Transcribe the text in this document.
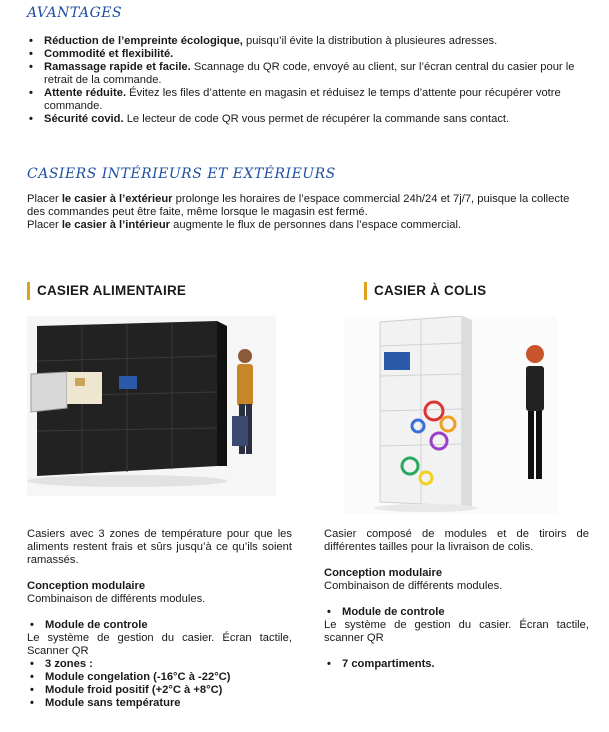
AVANTAGES
• Réduction de l’empreinte écologique, puisqu’il évite la distribution à plusieures adresses.
• Commodité et flexibilité.
• Ramassage rapide et facile. Scannage du QR code, envoyé au client, sur l’écran central du casier pour le retrait de la commande.
• Attente réduite. Évitez les files d’attente en magasin et réduisez le temps d’attente pour récupérer votre commande.
• Sécurité covid. Le lecteur de code QR vous permet de récupérer la commande sans contact.
CASIERS INTÉRIEURS ET EXTÉRIEURS

Placer le casier à l’extérieur prolonge les horaires de l’espace commercial 24h/24 et 7j/7, puisque la collecte des commandes peut être faite, même lorsque le magasin est fermé.

Placer le casier à l’intérieur augmente le flux de personnes dans l’espace commercial.

CASIER ALIMENTAIRE	CASIER À COLIS

Casiers avec 3 zones de température pour que les aliments restent frais et sûrs jusqu’à ce qu’ils soient ramassés.

Conception modulaire

Combinaison de différents modules.

• Module de controle

Le système de gestion du casier. Écran tactile, Scanner QR

• 3 zones :

• Module congelation (-16°C à -22°C)

• Module froid positif (+2°C à +8°C)

• Module sans température

Casier composé de modules et de tiroirs de différentes tailles pour la livraison de colis.

Conception modulaire

Combinaison de différents modules.

• Module de controle

Le système de gestion du casier. Écran tactile, scanner QR

• 7 compartiments.
